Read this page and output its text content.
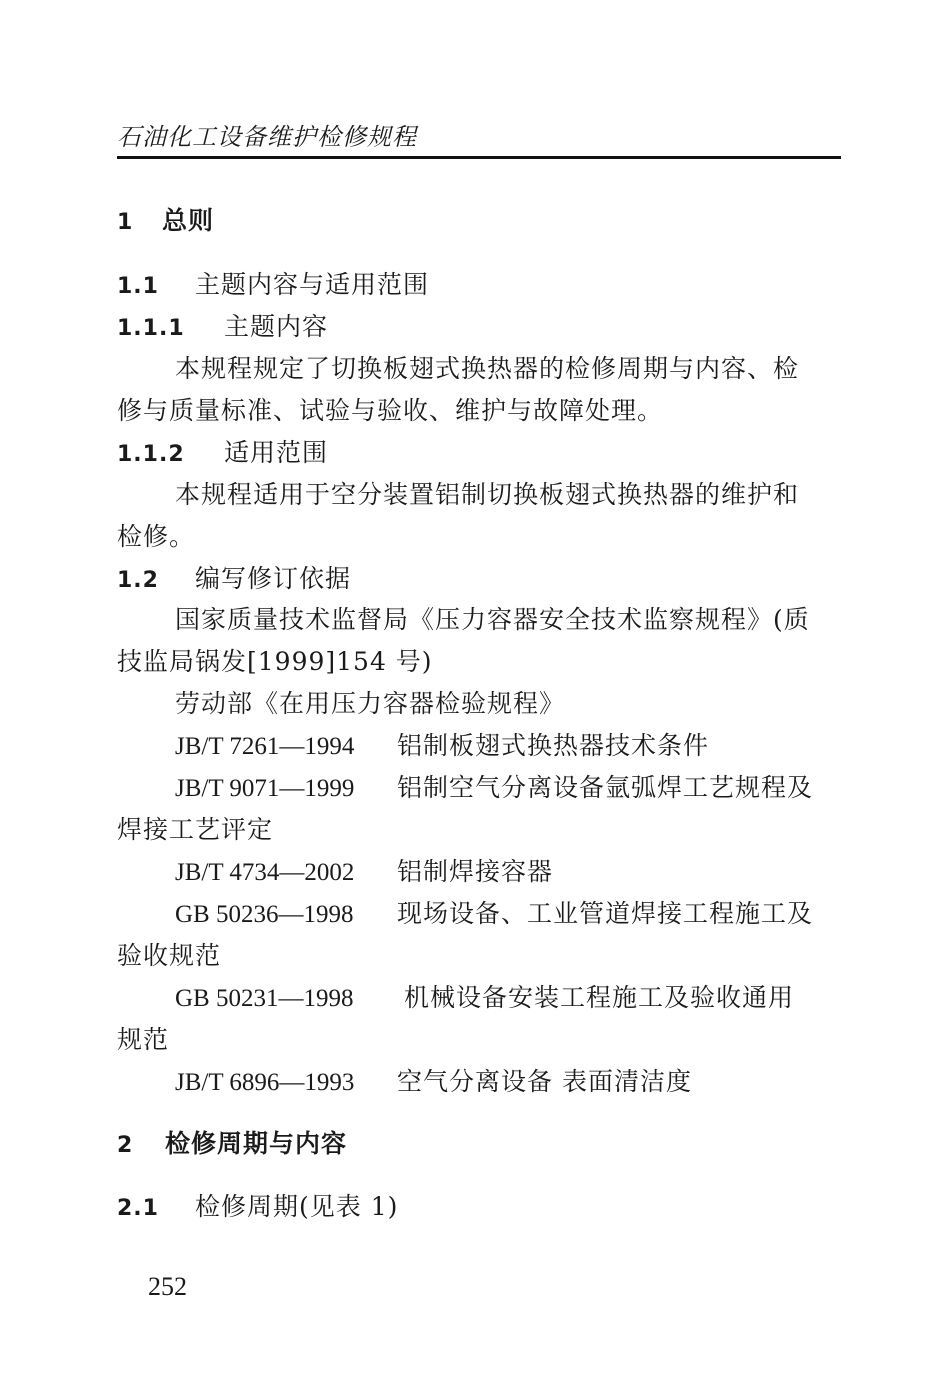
石油化工设备维护检修规程
1 总则
1.1 主题内容与适用范围
1.1.1 主题内容
本规程规定了切换板翅式换热器的检修周期与内容、检
修与质量标准、试验与验收、维护与故障处理。
1.1.2 适用范围
本规程适用于空分装置铝制切换板翅式换热器的维护和
检修。
1.2 编写修订依据
国家质量技术监督局《压力容器安全技术监察规程》(质
技监局锅发[1999]154 号)
劳动部《在用压力容器检验规程》
JB/T 7261—1994 铝制板翅式换热器技术条件
JB/T 9071—1999 铝制空气分离设备氩弧焊工艺规程及
焊接工艺评定
JB/T 4734—2002 铝制焊接容器
GB 50236—1998 现场设备、工业管道焊接工程施工及
验收规范
GB 50231—1998 机械设备安装工程施工及验收通用
规范
JB/T 6896—1993 空气分离设备 表面清洁度
2 检修周期与内容
2.1 检修周期(见表 1)
252
